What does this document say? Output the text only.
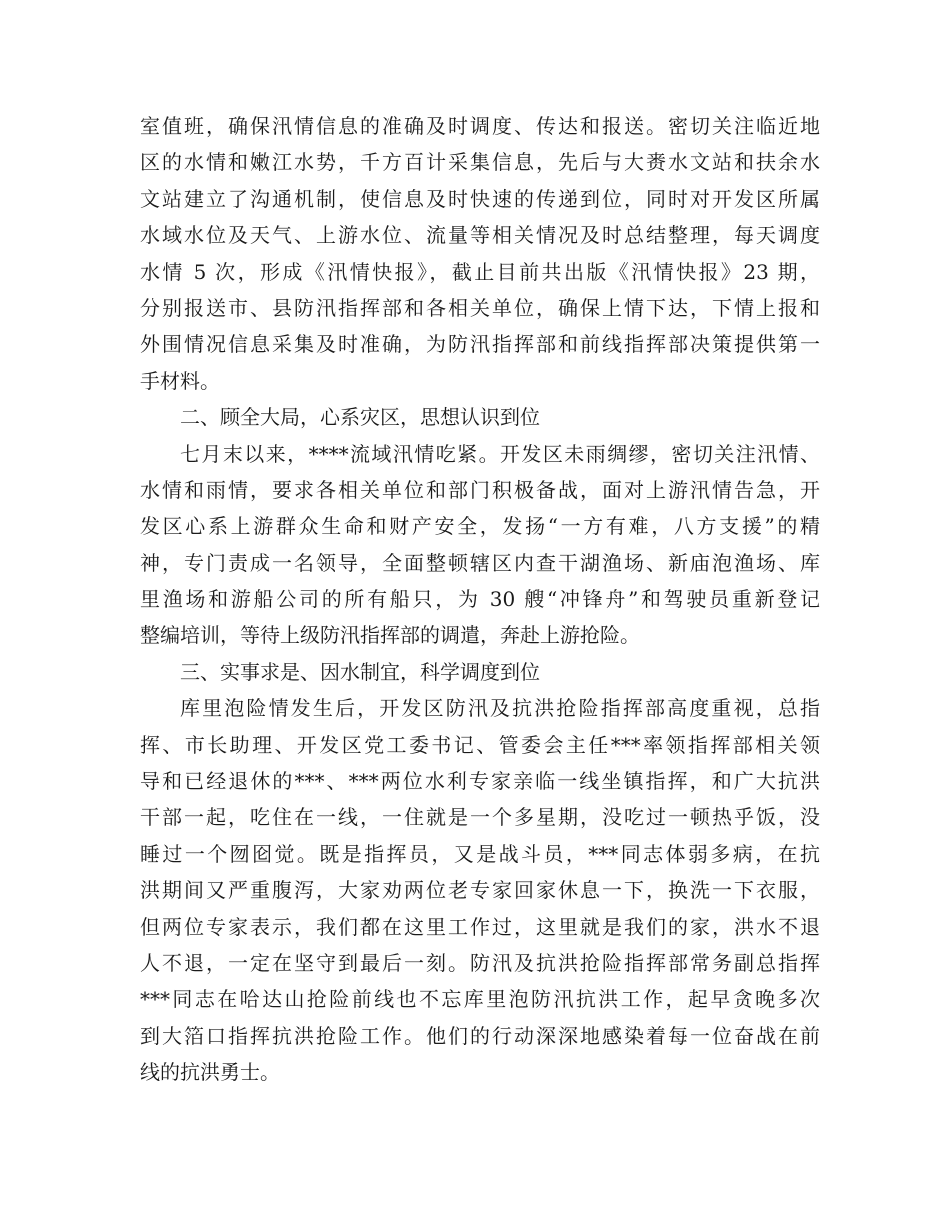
室值班，确保汛情信息的准确及时调度、传达和报送。密切关注临近地
区的水情和嫩江水势，千方百计采集信息，先后与大赉水文站和扶余水
文站建立了沟通机制，使信息及时快速的传递到位，同时对开发区所属
水域水位及天气、上游水位、流量等相关情况及时总结整理，每天调度
水情 5 次，形成《汛情快报》，截止目前共出版《汛情快报》23 期，
分别报送市、县防汛指挥部和各相关单位，确保上情下达，下情上报和
外围情况信息采集及时准确，为防汛指挥部和前线指挥部决策提供第一
手材料。
二、顾全大局，心系灾区，思想认识到位
七月末以来，****流域汛情吃紧。开发区未雨绸缪，密切关注汛情、
水情和雨情，要求各相关单位和部门积极备战，面对上游汛情告急，开
发区心系上游群众生命和财产安全，发扬“一方有难，八方支援”的精
神，专门责成一名领导，全面整顿辖区内查干湖渔场、新庙泡渔场、库
里渔场和游船公司的所有船只，为 30 艘“冲锋舟”和驾驶员重新登记
整编培训，等待上级防汛指挥部的调遣，奔赴上游抢险。
三、实事求是、因水制宜，科学调度到位
库里泡险情发生后，开发区防汛及抗洪抢险指挥部高度重视，总指
挥、市长助理、开发区党工委书记、管委会主任***率领指挥部相关领
导和已经退休的***、***两位水利专家亲临一线坐镇指挥，和广大抗洪
干部一起，吃住在一线，一住就是一个多星期，没吃过一顿热乎饭，没
睡过一个囫囵觉。既是指挥员，又是战斗员，***同志体弱多病，在抗
洪期间又严重腹泻，大家劝两位老专家回家休息一下，换洗一下衣服，
但两位专家表示，我们都在这里工作过，这里就是我们的家，洪水不退
人不退，一定在坚守到最后一刻。防汛及抗洪抢险指挥部常务副总指挥
***同志在哈达山抢险前线也不忘库里泡防汛抗洪工作，起早贪晚多次
到大箔口指挥抗洪抢险工作。他们的行动深深地感染着每一位奋战在前
线的抗洪勇士。
